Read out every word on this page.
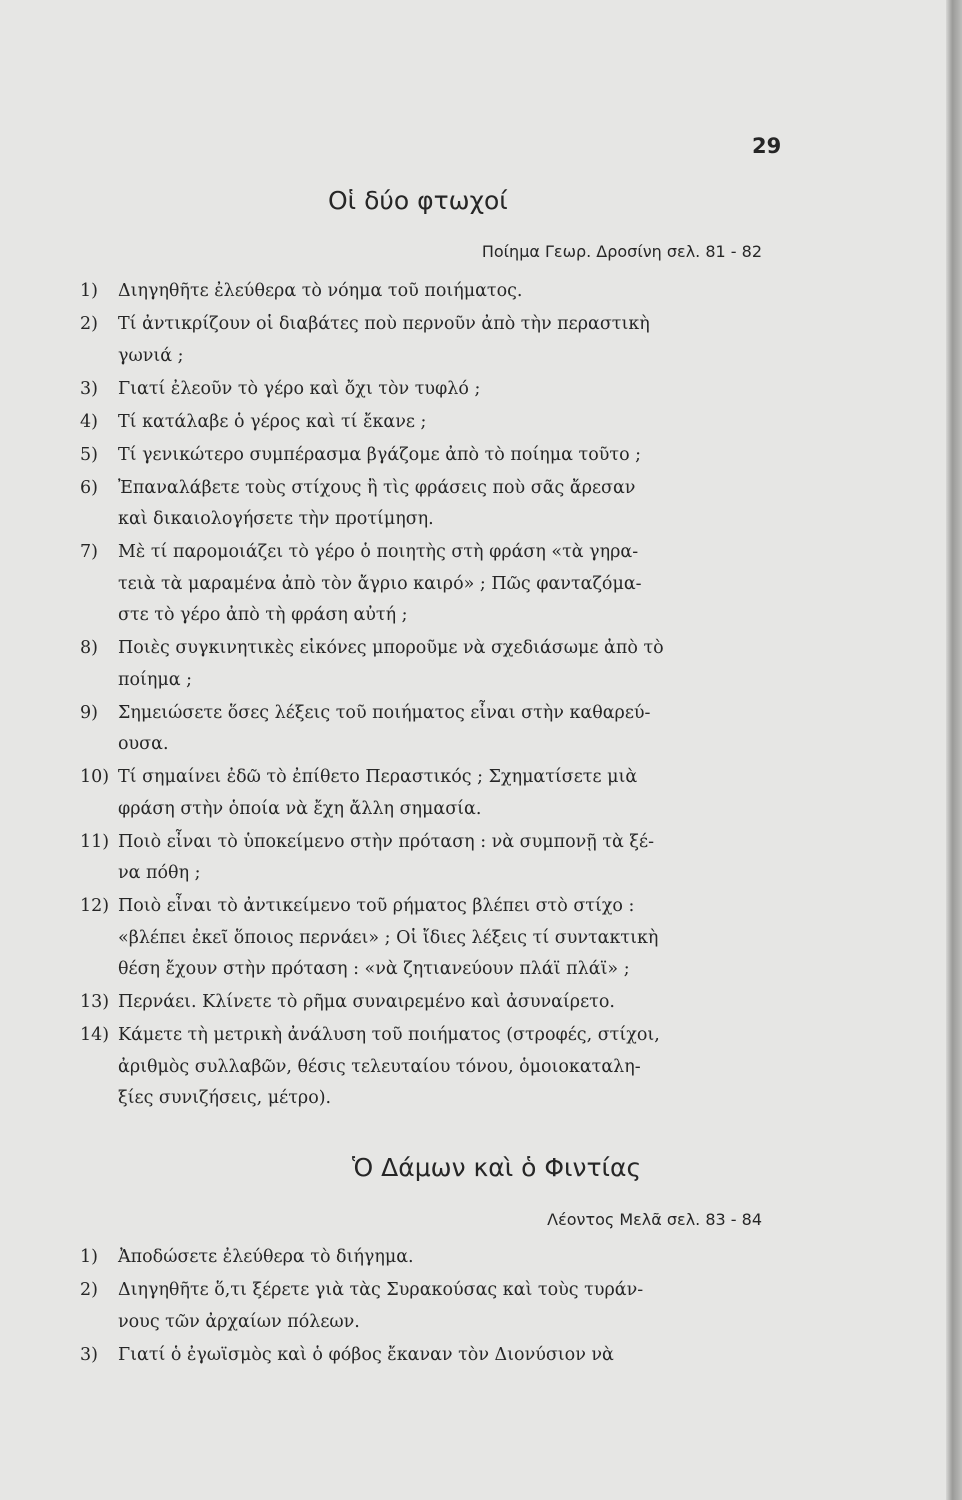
29
Οἱ δύο φτωχοί
Ποίημα Γεωρ. Δροσίνη σελ. 81 - 82
Ὁ Δάμων καὶ ὁ Φιντίας
Λέοντος Μελᾶ σελ. 83 - 84
1) Διηγηθῆτε ἐλεύθερα τὸ νόημα τοῦ ποιήματος.
2) Τί ἀντικρίζουν οἱ διαβάτες ποὺ περνοῦν ἀπὸ τὴν περαστικὴ
γωνιά ;
3) Γιατί ἐλεοῦν τὸ γέρο καὶ ὄχι τὸν τυφλό ;
4) Τί κατάλαβε ὁ γέρος καὶ τί ἔκανε ;
5) Τί γενικώτερο συμπέρασμα βγάζομε ἀπὸ τὸ ποίημα τοῦτο ;
6) Ἐπαναλάβετε τοὺς στίχους ἢ τὶς φράσεις ποὺ σᾶς ἄρεσαν
καὶ δικαιολογήσετε τὴν προτίμηση.
7) Μὲ τί παρομοιάζει τὸ γέρο ὁ ποιητὴς στὴ φράση «τὰ γηρα-
τειὰ τὰ μαραμένα ἀπὸ τὸν ἄγριο καιρό» ; Πῶς φανταζόμα-
στε τὸ γέρο ἀπὸ τὴ φράση αὐτή ;
8) Ποιὲς συγκινητικὲς εἰκόνες μποροῦμε νὰ σχεδιάσωμε ἀπὸ τὸ
ποίημα ;
9) Σημειώσετε ὅσες λέξεις τοῦ ποιήματος εἶναι στὴν καθαρεύ-
ουσα.
10) Τί σημαίνει ἐδῶ τὸ ἐπίθετο Περαστικός ; Σχηματίσετε μιὰ
φράση στὴν ὁποία νὰ ἔχη ἄλλη σημασία.
11) Ποιὸ εἶναι τὸ ὑποκείμενο στὴν πρόταση : νὰ συμπονῇ τὰ ξέ-
να πόθη ;
12) Ποιὸ εἶναι τὸ ἀντικείμενο τοῦ ρήματος βλέπει στὸ στίχο :
«βλέπει ἐκεῖ ὅποιος περνάει» ; Οἱ ἴδιες λέξεις τί συντακτικὴ
θέση ἔχουν στὴν πρόταση : «νὰ ζητιανεύουν πλάϊ πλάϊ» ;
13) Περνάει. Κλίνετε τὸ ρῆμα συναιρεμένο καὶ ἀσυναίρετο.
14) Κάμετε τὴ μετρικὴ ἀνάλυση τοῦ ποιήματος (στροφές, στίχοι,
ἀριθμὸς συλλαβῶν, θέσις τελευταίου τόνου, ὁμοιοκαταλη-
ξίες συνιζήσεις, μέτρο).
1) Ἀποδώσετε ἐλεύθερα τὸ διήγημα.
2) Διηγηθῆτε ὅ,τι ξέρετε γιὰ τὰς Συρακούσας καὶ τοὺς τυράν-
νους τῶν ἀρχαίων πόλεων.
3) Γιατί ὁ ἐγωϊσμὸς καὶ ὁ φόβος ἔκαναν τὸν Διονύσιον νὰ
